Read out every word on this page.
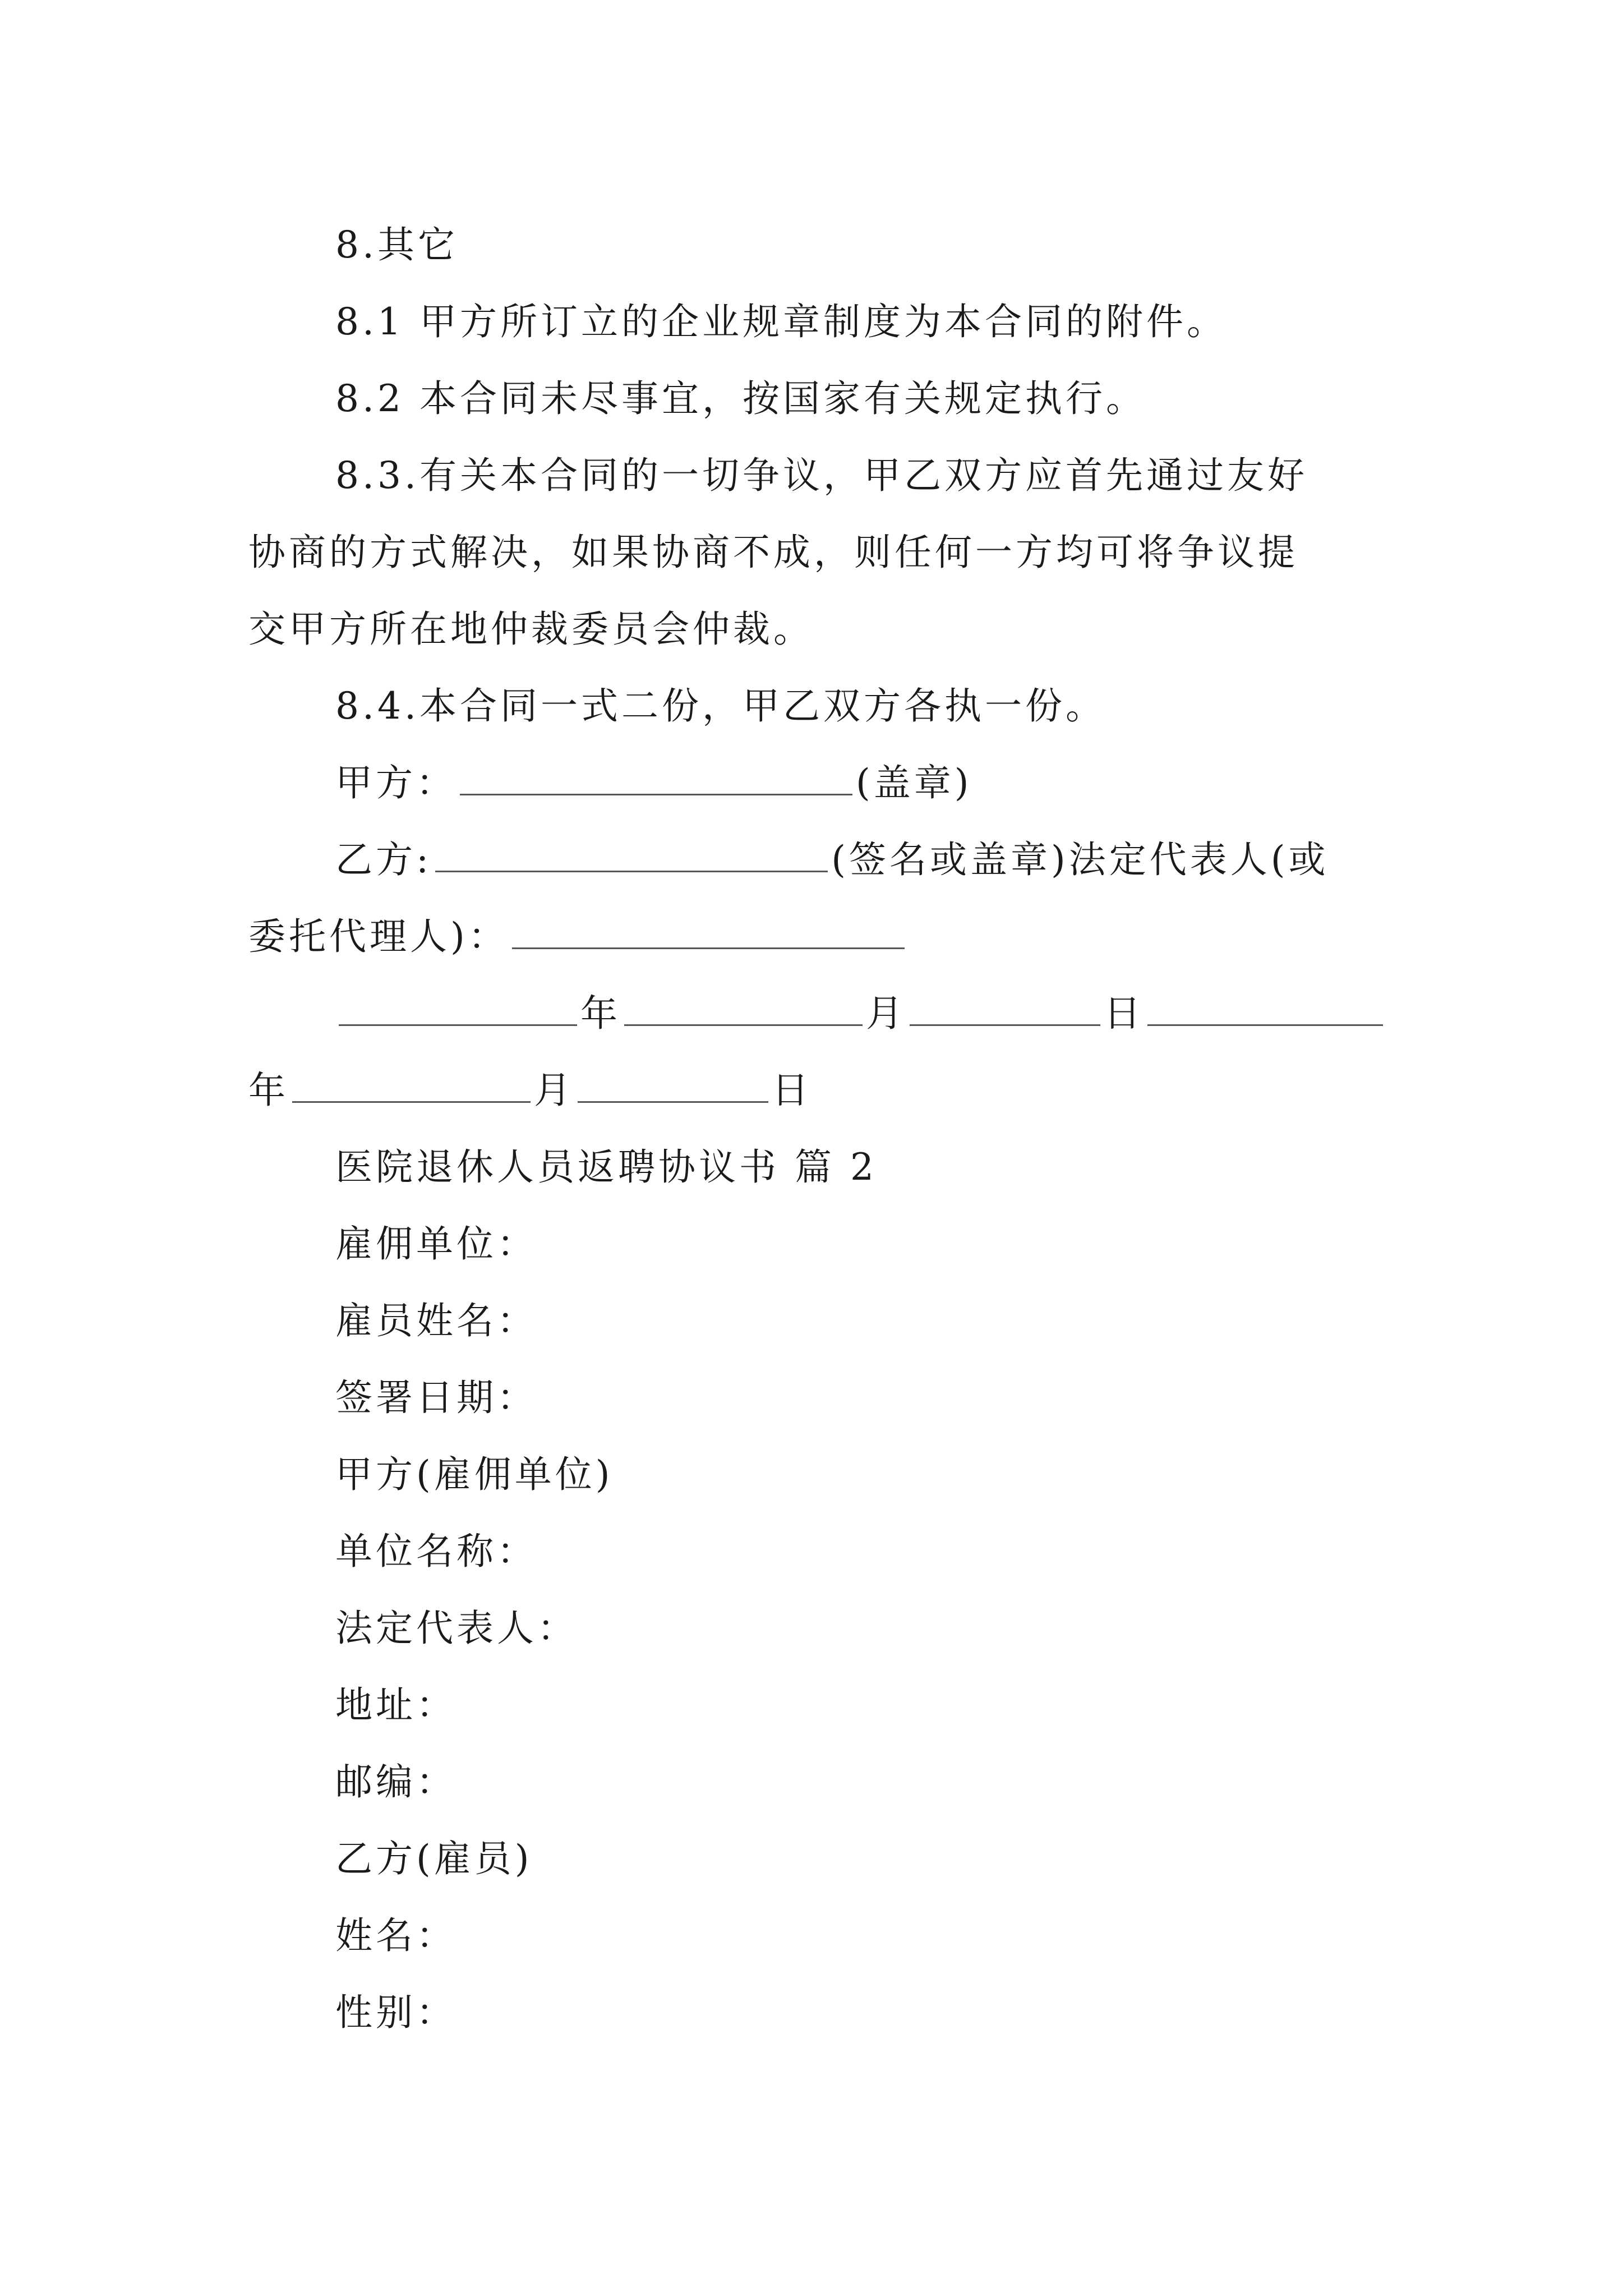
8.其它
8.1 甲方所订立的企业规章制度为本合同的附件。
8.2 本合同未尽事宜，按国家有关规定执行。
8.3.有关本合同的一切争议，甲乙双方应首先通过友好
协商的方式解决，如果协商不成，则任何一方均可将争议提
交甲方所在地仲裁委员会仲裁。
8.4.本合同一式二份，甲乙双方各执一份。
甲方：	(盖章)
乙方:	(签名或盖章)法定代表人(或
委托代理人)：
年	月	日
年	月	日
医院退休人员返聘协议书 篇 2
雇佣单位：
雇员姓名：
签署日期：
甲方(雇佣单位)
单位名称：
法定代表人：
地址：
邮编：
乙方(雇员)
姓名：
性别：
